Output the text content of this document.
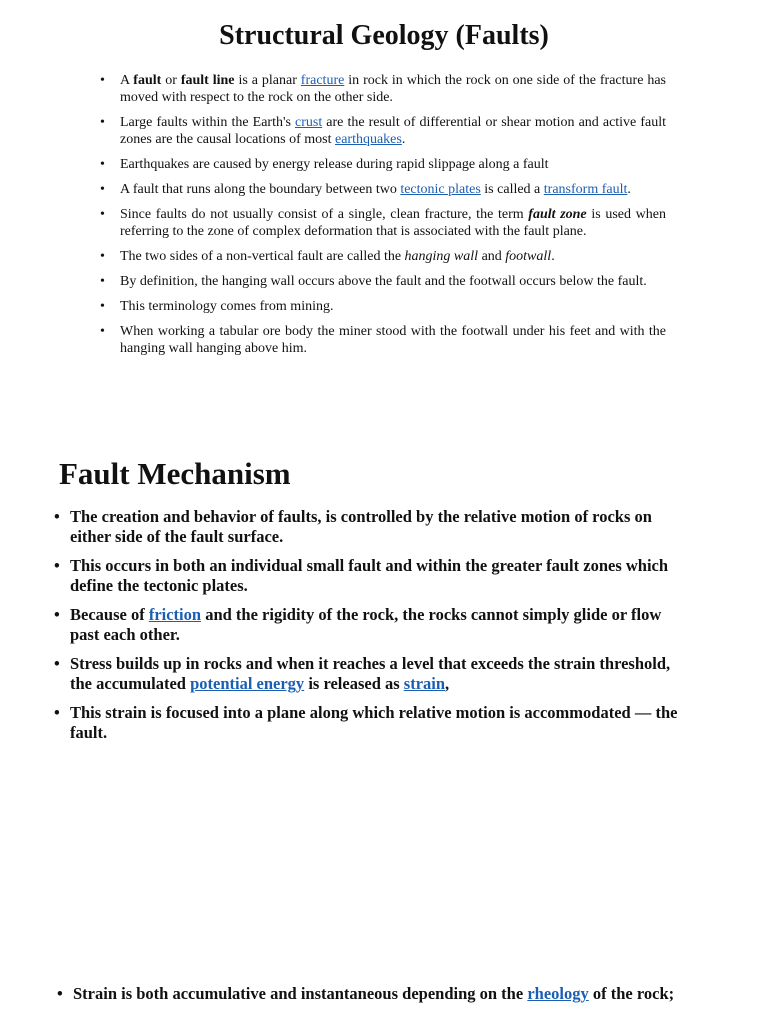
Structural Geology (Faults)
• A fault or fault line is a planar fracture in rock in which the rock on one side of the fracture has moved with respect to the rock on the other side.
• Large faults within the Earth's crust are the result of differential or shear motion and active fault zones are the causal locations of most earthquakes.
• Earthquakes are caused by energy release during rapid slippage along a fault
• A fault that runs along the boundary between two tectonic plates is called a transform fault.
• Since faults do not usually consist of a single, clean fracture, the term fault zone is used when referring to the zone of complex deformation that is associated with the fault plane.
• The two sides of a non-vertical fault are called the hanging wall and footwall.
• By definition, the hanging wall occurs above the fault and the footwall occurs below the fault.
• This terminology comes from mining.
• When working a tabular ore body the miner stood with the footwall under his feet and with the hanging wall hanging above him.
Fault Mechanism
• The creation and behavior of faults, is controlled by the relative motion of rocks on either side of the fault surface.
• This occurs in both an individual small fault and within the greater fault zones which define the tectonic plates.
• Because of friction and the rigidity of the rock, the rocks cannot simply glide or flow past each other.
• Stress builds up in rocks and when it reaches a level that exceeds the strain threshold, the accumulated potential energy is released as strain,
• This strain is focused into a plane along which relative motion is accommodated — the fault.
• Strain is both accumulative and instantaneous depending on the rheology of the rock;
